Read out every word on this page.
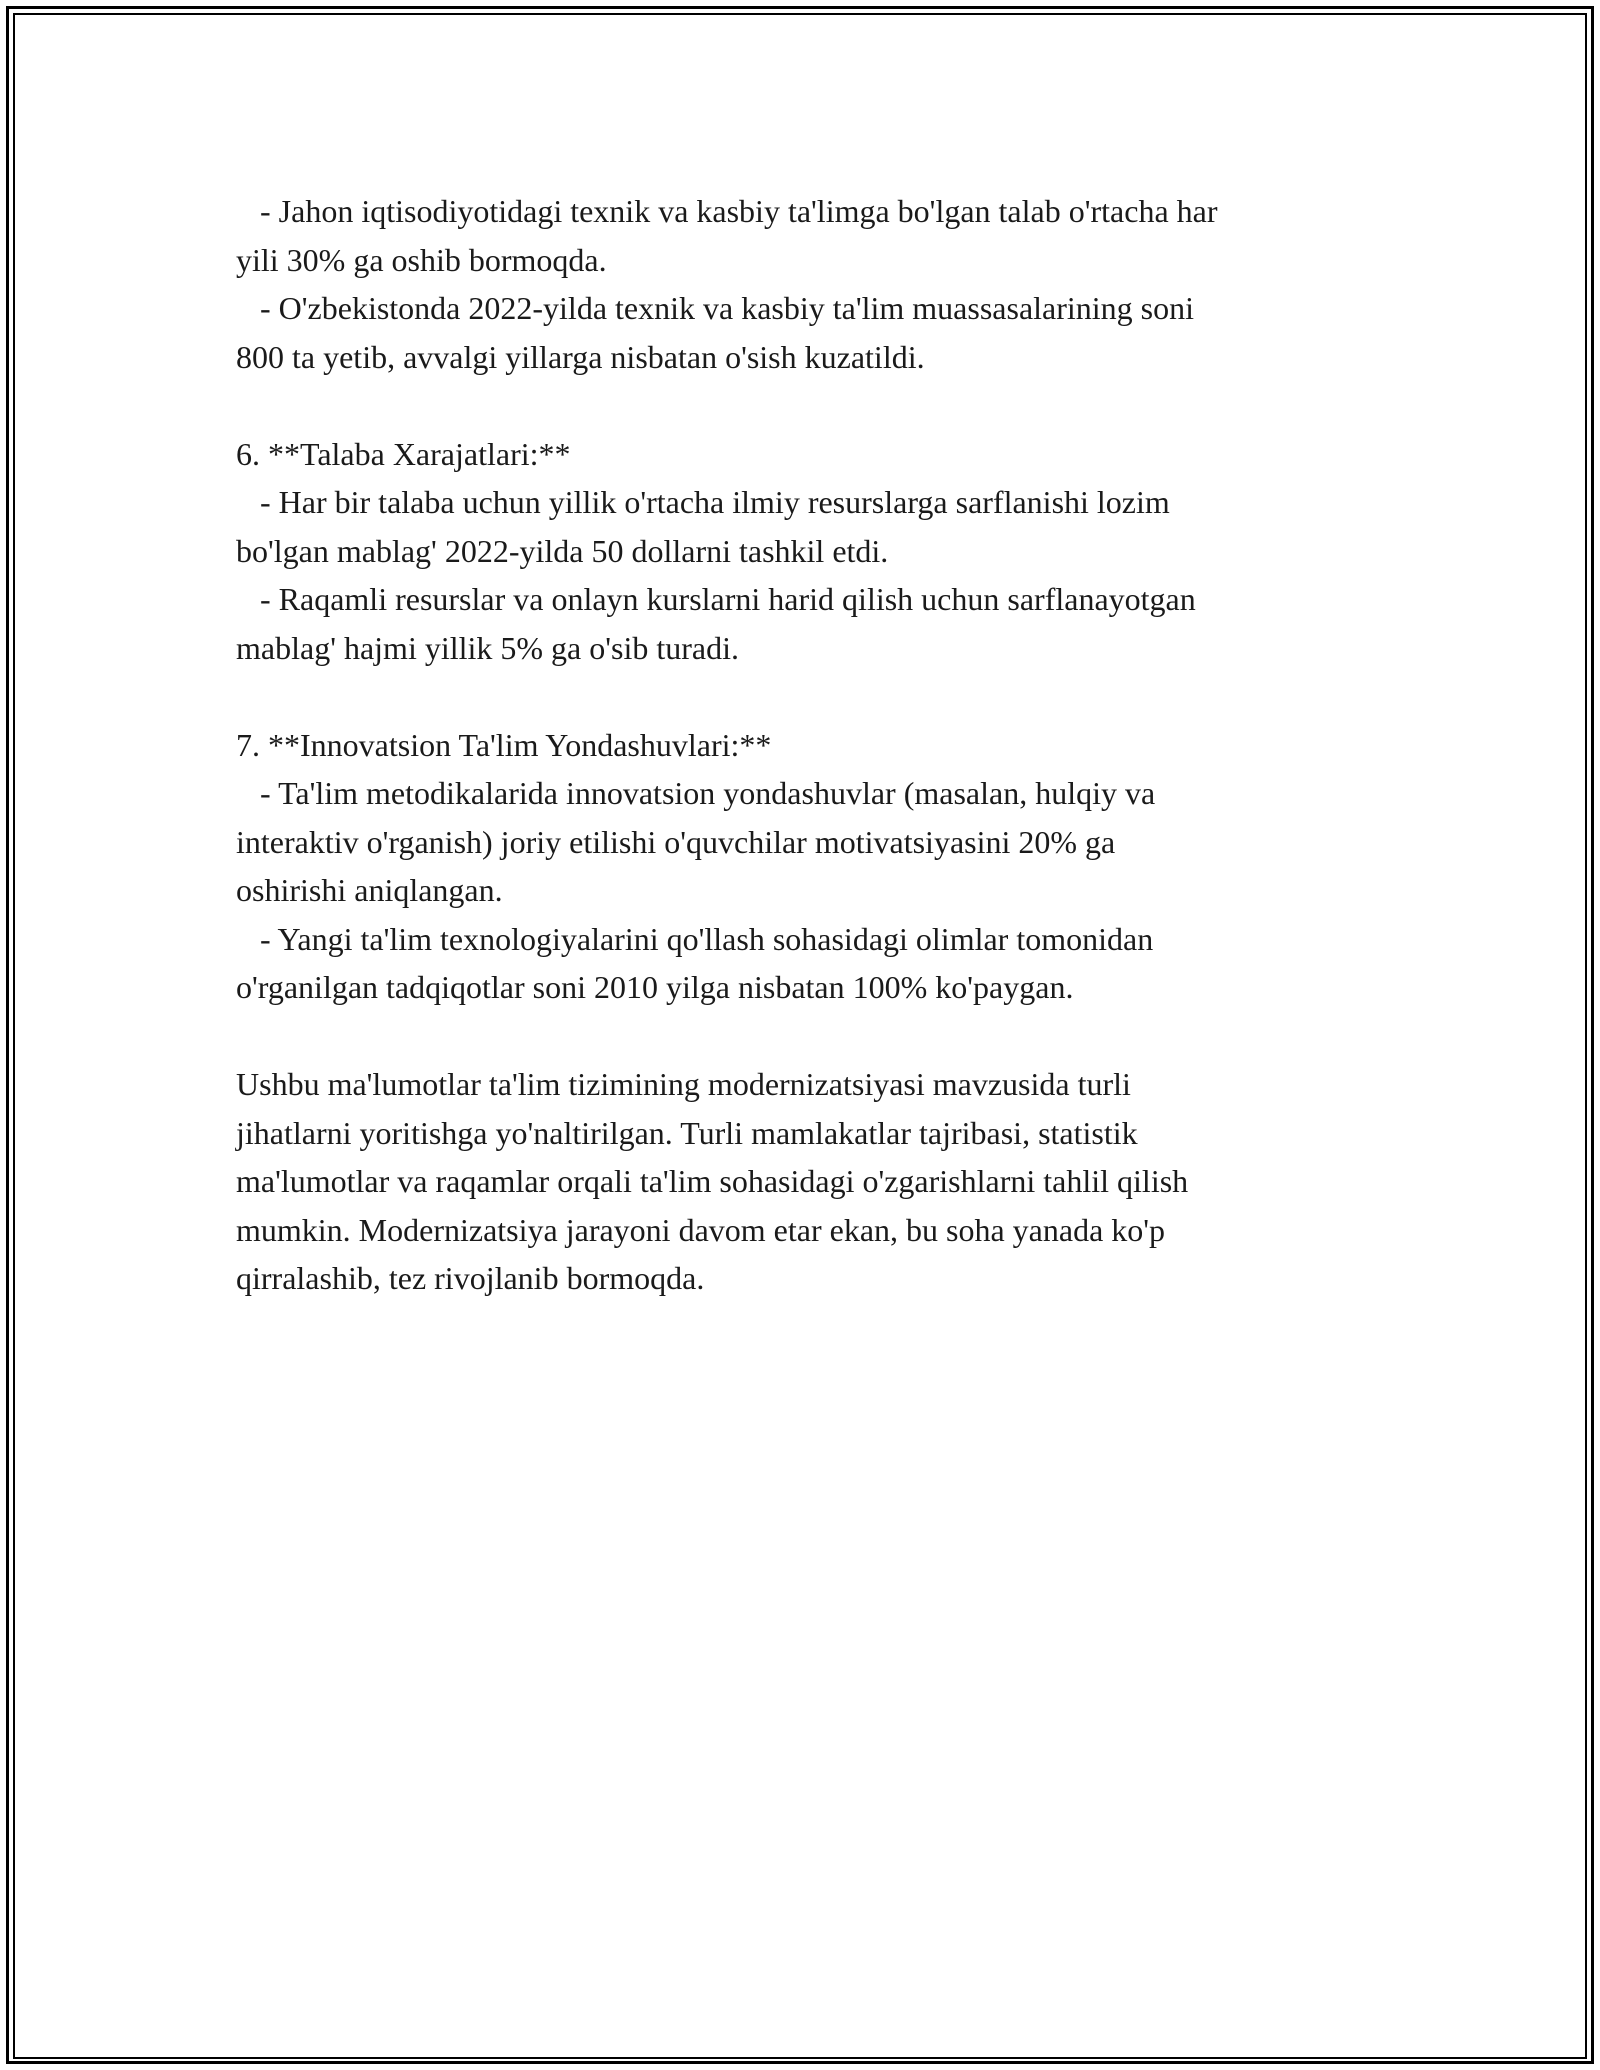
- Jahon iqtisodiyotidagi texnik va kasbiy ta'limga bo'lgan talab o'rtacha har
yili 30% ga oshib bormoqda.
- O'zbekistonda 2022-yilda texnik va kasbiy ta'lim muassasalarining soni
800 ta yetib, avvalgi yillarga nisbatan o'sish kuzatildi.
6. **Talaba Xarajatlari:**
- Har bir talaba uchun yillik o'rtacha ilmiy resurslarga sarflanishi lozim
bo'lgan mablag' 2022-yilda 50 dollarni tashkil etdi.
- Raqamli resurslar va onlayn kurslarni harid qilish uchun sarflanayotgan
mablag' hajmi yillik 5% ga o'sib turadi.
7. **Innovatsion Ta'lim Yondashuvlari:**
- Ta'lim metodikalarida innovatsion yondashuvlar (masalan, hulqiy va
interaktiv o'rganish) joriy etilishi o'quvchilar motivatsiyasini 20% ga
oshirishi aniqlangan.
- Yangi ta'lim texnologiyalarini qo'llash sohasidagi olimlar tomonidan
o'rganilgan tadqiqotlar soni 2010 yilga nisbatan 100% ko'paygan.
Ushbu ma'lumotlar ta'lim tizimining modernizatsiyasi mavzusida turli
jihatlarni yoritishga yo'naltirilgan. Turli mamlakatlar tajribasi, statistik
ma'lumotlar va raqamlar orqali ta'lim sohasidagi o'zgarishlarni tahlil qilish
mumkin. Modernizatsiya jarayoni davom etar ekan, bu soha yanada ko'p
qirralashib, tez rivojlanib bormoqda.
